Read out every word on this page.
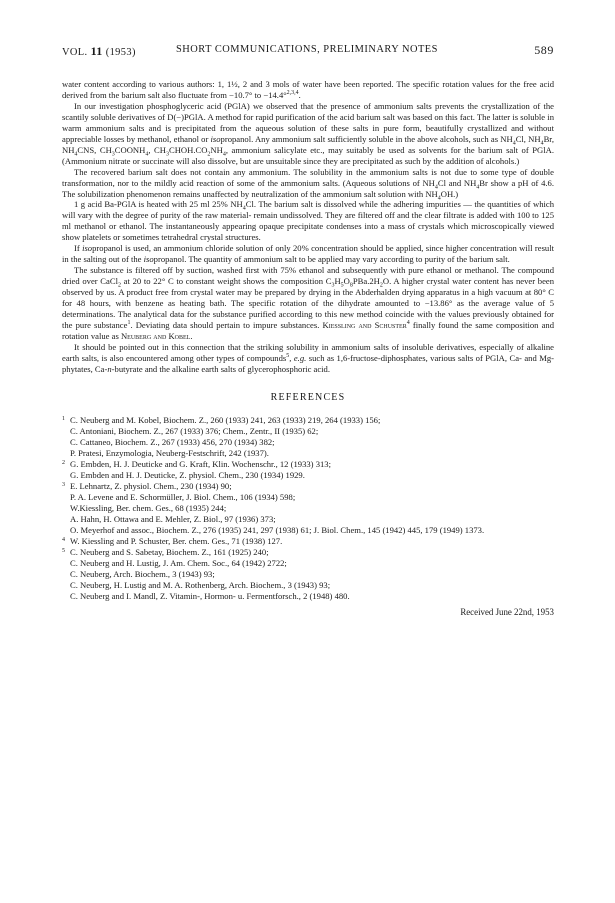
VOL. 11 (1953)	SHORT COMMUNICATIONS, PRELIMINARY NOTES	589

water content according to various authors: 1, 1½, 2 and 3 mols of water have been reported. The specific rotation values for the free acid derived from the barium salt also fluctuate from −10.7° to −14.4°$^{2,3,4}$.

In our investigation phosphoglyceric acid (PGlA) we observed that the presence of ammonium salts prevents the crystallization of the scantily soluble derivatives of D(−)PGlA. A method for rapid purification of the acid barium salt was based on this fact. The latter is soluble in warm ammonium salts and is precipitated from the aqueous solution of these salts in pure form, beautifully crystallized and without appreciable losses by methanol, ethanol or isopropanol. Any ammonium salt sufficiently soluble in the above alcohols, such as $NH_4Cl$, $NH_4Br$, $NH_4CNS$, $CH_3COONH_4$, $CH_3CHOH.CO_2NH_4$, ammonium salicylate etc., may suitably be used as solvents for the barium salt of PGlA. (Ammonium nitrate or succinate will also dissolve, but are unsuitable since they are precipitated as such by the addition of alcohols.)

The recovered barium salt does not contain any ammonium. The solubility in the ammonium salts is not due to some type of double transformation, nor to the mildly acid reaction of some of the ammonium salts. (Aqueous solutions of $NH_4Cl$ and $NH_4Br$ show a pH of 4.6. The solubilization phenomenon remains unaffected by neutralization of the ammonium salt solution with $NH_4OH$.)

1 g acid Ba-PGlA is heated with 25 ml 25% $NH_4Cl$. The barium salt is dissolved while the adhering impurities — the quantities of which will vary with the degree of purity of the raw material- remain undissolved. They are filtered off and the clear filtrate is added with 100 to 125 ml methanol or ethanol. The instantaneously appearing opaque precipitate condenses into a mass of crystals which microscopically viewed show platelets or sometimes tetrahedral crystal structures.

If isopropanol is used, an ammonium chloride solution of only 20% concentration should be applied, since higher concentration will result in the salting out of the isopropanol. The quantity of ammonium salt to be applied may vary according to purity of the barium salt.

The substance is filtered off by suction, washed first with 75% ethanol and subsequently with pure ethanol or methanol. The compound dried over CaCl$_2$ at 20 to 22° C to constant weight shows the composition $C_3H_5O_8PBa.2H_2O$. A higher crystal water content has never been observed by us. A product free from crystal water may be prepared by drying in the Abderhalden drying apparatus in a high vacuum at 80° C for 48 hours, with benzene as heating bath. The specific rotation of the dihydrate amounted to −13.86° as the average value of 5 determinations. The analytical data for the substance purified according to this new method coincide with the values previously obtained for the pure substance$^1$. Deviating data should pertain to impure substances. Kiessling and Schuster$^4$ finally found the same composition and rotation value as Neuberg and Kobel.

It should be pointed out in this connection that the striking solubility in ammonium salts of insoluble derivatives, especially of alkaline earth salts, is also encountered among other types of compounds$^5$, e.g. such as 1,6-fructose-diphosphates, various salts of PGlA, Ca- and Mg-phytates, Ca-n-butyrate and the alkaline earth salts of glycerophosphoric acid.

REFERENCES
1 C. Neuberg and M. Kobel, Biochem. Z., 260 (1933) 241, 263 (1933) 219, 264 (1933) 156;
C. Antoniani, Biochem. Z., 267 (1933) 376; Chem., Zentr., II (1935) 62;
C. Cattaneo, Biochem. Z., 267 (1933) 456, 270 (1934) 382;
P. Pratesi, Enzymologia, Neuberg-Festschrift, 242 (1937).
2 G. Embden, H. J. Deuticke and G. Kraft, Klin. Wochenschr., 12 (1933) 313;
G. Embden and H. J. Deuticke, Z. physiol. Chem., 230 (1934) 1929.
3 E. Lehnartz, Z. physiol. Chem., 230 (1934) 90;
P. A. Levene and E. Schormüller, J. Biol. Chem., 106 (1934) 598;
W.Kiessling, Ber. chem. Ges., 68 (1935) 244;
A. Hahn, H. Ottawa and E. Mehler, Z. Biol., 97 (1936) 373;
O. Meyerhof and assoc., Biochem. Z., 276 (1935) 241, 297 (1938) 61; J. Biol. Chem., 145 (1942) 445, 179 (1949) 1373.
4 W. Kiessling and P. Schuster, Ber. chem. Ges., 71 (1938) 127.
5 C. Neuberg and S. Sabetay, Biochem. Z., 161 (1925) 240;
C. Neuberg and H. Lustig, J. Am. Chem. Soc., 64 (1942) 2722;
C. Neuberg, Arch. Biochem., 3 (1943) 93;
C. Neuberg, H. Lustig and M. A. Rothenberg, Arch. Biochem., 3 (1943) 93;
C. Neuberg and I. Mandl, Z. Vitamin-, Hormon- u. Fermentforsch., 2 (1948) 480.
Received June 22nd, 1953
